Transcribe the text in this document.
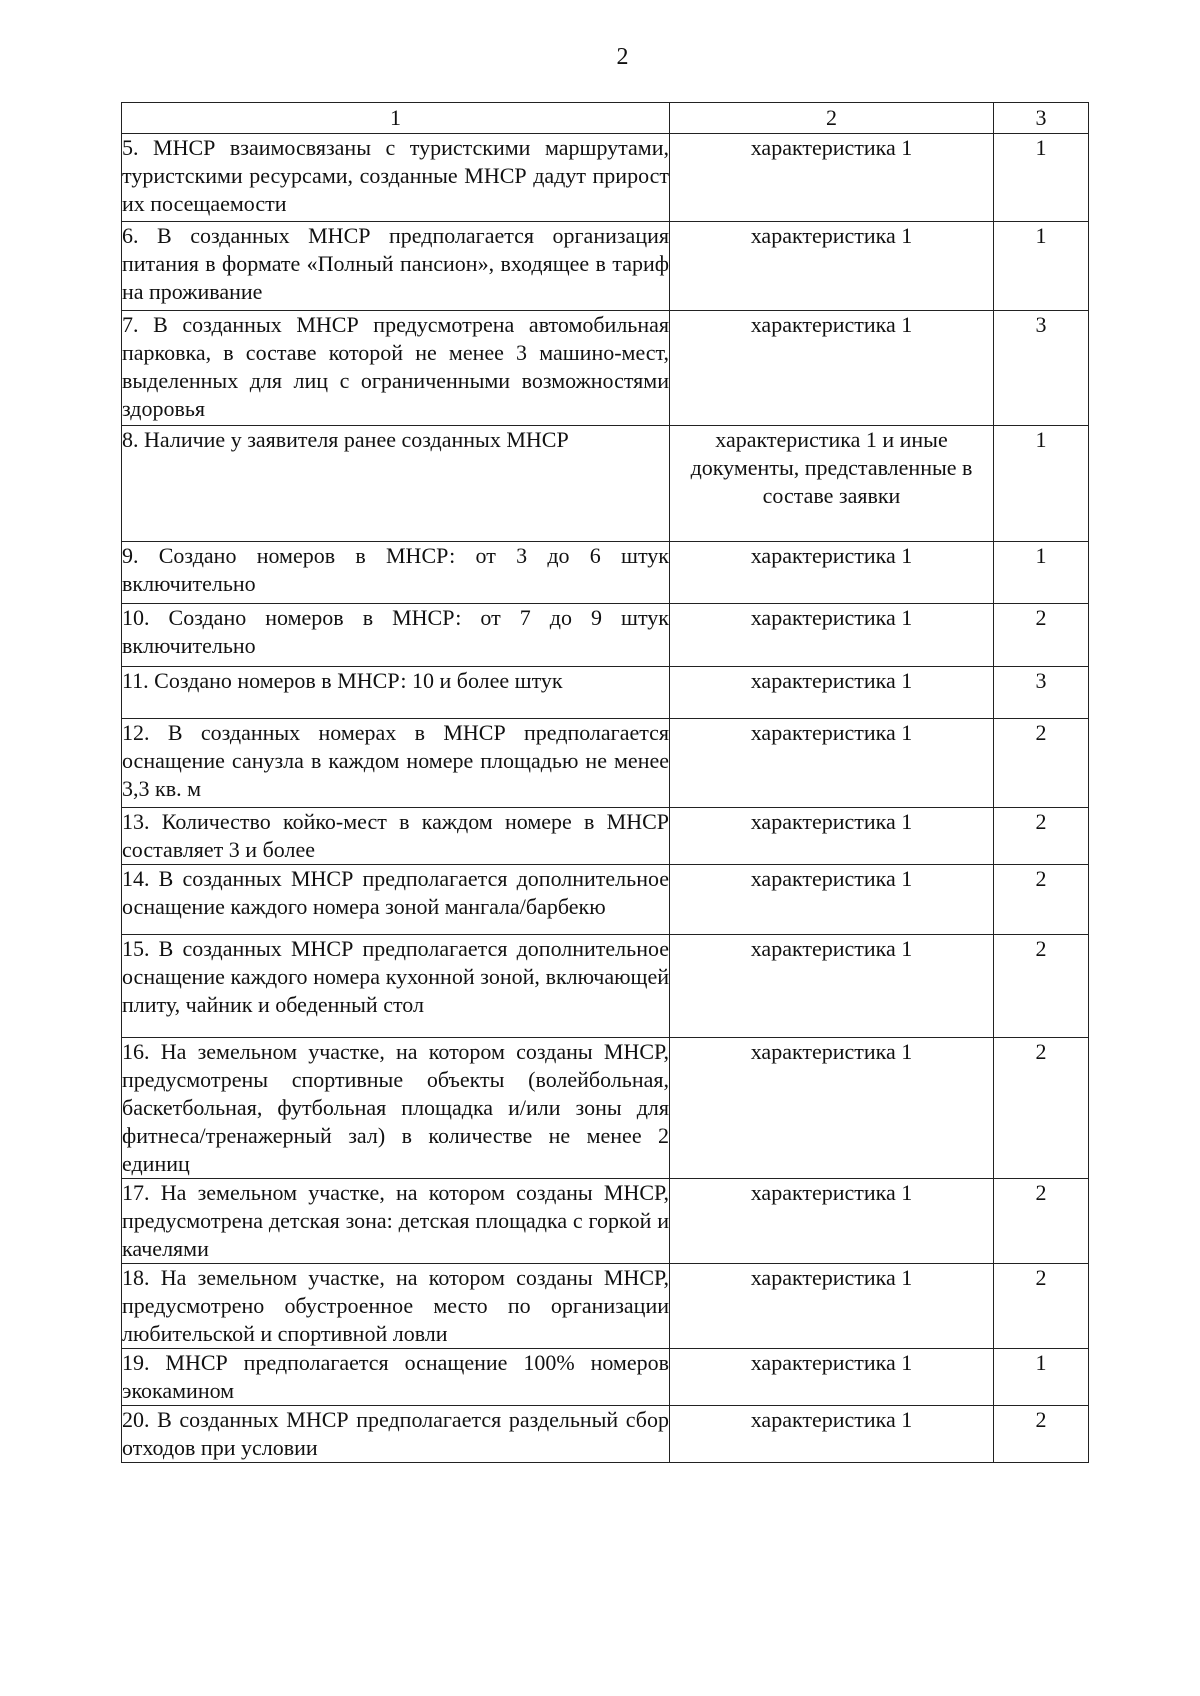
2
1	2	3
5. МНСР взаимосвязаны с туристскими маршрутами, туристскими ресурсами, созданные МНСР дадут прирост их посещаемости	характеристика 1	1
6. В созданных МНСР предполагается организация питания в формате «Полный пансион», входящее в тариф на проживание	характеристика 1	1
7. В созданных МНСР предусмотрена автомобильная парковка, в составе которой не менее 3 машино-мест, выделенных для лиц с ограниченными возможностями здоровья	характеристика 1	3
8. Наличие у заявителя ранее созданных МНСР	характеристика 1 и иные документы, представленные в составе заявки	1
9. Создано номеров в МНСР: от 3 до 6 штук включительно	характеристика 1	1
10. Создано номеров в МНСР: от 7 до 9 штук включительно	характеристика 1	2
11. Создано номеров в МНСР: 10 и более штук	характеристика 1	3
12. В созданных номерах в МНСР предполагается оснащение санузла в каждом номере площадью не менее 3,3 кв. м	характеристика 1	2
13. Количество койко-мест в каждом номере в МНСР составляет 3 и более	характеристика 1	2
14. В созданных МНСР предполагается дополнительное оснащение каждого номера зоной мангала/барбекю	характеристика 1	2
15. В созданных МНСР предполагается дополнительное оснащение каждого номера кухонной зоной, включающей плиту, чайник и обеденный стол	характеристика 1	2
16. На земельном участке, на котором созданы МНСР, предусмотрены спортивные объекты (волейбольная, баскетбольная, футбольная площадка и/или зоны для фитнеса/тренажерный зал) в количестве не менее 2 единиц	характеристика 1	2
17. На земельном участке, на котором созданы МНСР, предусмотрена детская зона: детская площадка с горкой и качелями	характеристика 1	2
18. На земельном участке, на котором созданы МНСР, предусмотрено обустроенное место по организации любительской и спортивной ловли	характеристика 1	2
19. МНСР предполагается оснащение 100% номеров экокамином	характеристика 1	1
20. В созданных МНСР предполагается раздельный сбор отходов при условии	характеристика 1	2
